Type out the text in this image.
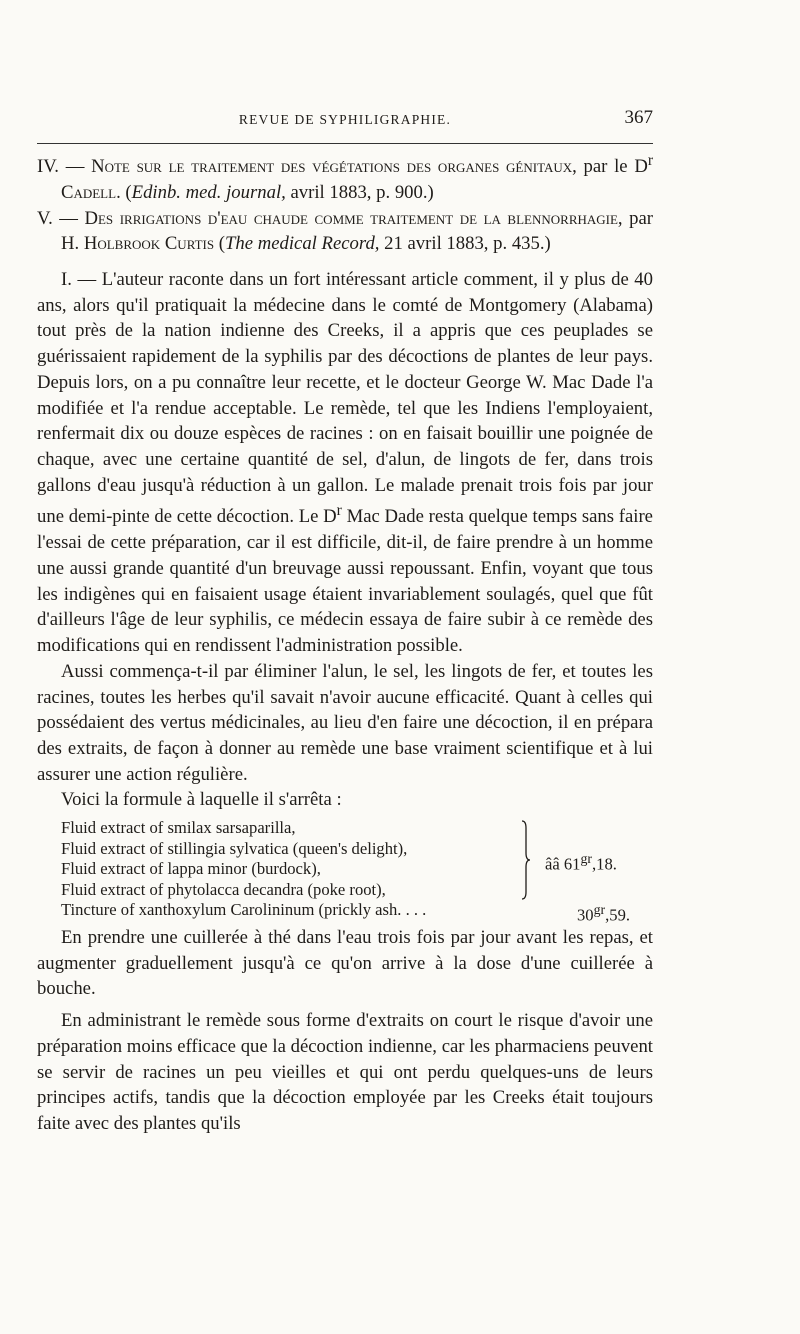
REVUE DE SYPHILIGRAPHIE.	367

IV. — Note sur le traitement des végétations des organes génitaux, par le $D^r$ Cadell. (Edinb. med. journal, avril 1883, p. 900.)

V. — Des irrigations d'eau chaude comme traitement de la blennorrhagie, par H. Holbrook Curtis (The medical Record, 21 avril 1883, p. 435.)

I. — L'auteur raconte dans un fort intéressant article comment, il y plus de 40 ans, alors qu'il pratiquait la médecine dans le comté de Montgomery (Alabama) tout près de la nation indienne des Creeks, il a appris que ces peuplades se guérissaient rapidement de la syphilis par des décoctions de plantes de leur pays. Depuis lors, on a pu connaître leur recette, et le docteur George W. Mac Dade l'a modifiée et l'a rendue acceptable. Le remède, tel que les Indiens l'employaient, renfermait dix ou douze espèces de racines : on en faisait bouillir une poignée de chaque, avec une certaine quantité de sel, d'alun, de lingots de fer, dans trois gallons d'eau jusqu'à réduction à un gallon. Le malade prenait trois fois par jour une demi-pinte de cette décoction. Le $D^r$ Mac Dade resta quelque temps sans faire l'essai de cette préparation, car il est difficile, dit-il, de faire prendre à un homme une aussi grande quantité d'un breuvage aussi repoussant. Enfin, voyant que tous les indigènes qui en faisaient usage étaient invariablement soulagés, quel que fût d'ailleurs l'âge de leur syphilis, ce médecin essaya de faire subir à ce remède des modifications qui en rendissent l'administration possible.

Aussi commença-t-il par éliminer l'alun, le sel, les lingots de fer, et toutes les racines, toutes les herbes qu'il savait n'avoir aucune efficacité. Quant à celles qui possédaient des vertus médicinales, au lieu d'en faire une décoction, il en prépara des extraits, de façon à donner au remède une base vraiment scientifique et à lui assurer une action régulière.

Voici la formule à laquelle il s'arrêta :

Fluid extract of smilax sarsaparilla,
Fluid extract of stillingia sylvatica (queen's delight),
Fluid extract of lappa minor (burdock),
Fluid extract of phytolacca decandra (poke root),
Tincture of xanthoxylum Carolininum (prickly ash. . . .
ââ $61^{gr},18$.
$30^{gr},59$.

En prendre une cuillerée à thé dans l'eau trois fois par jour avant les repas, et augmenter graduellement jusqu'à ce qu'on arrive à la dose d'une cuillerée à bouche.

En administrant le remède sous forme d'extraits on court le risque d'avoir une préparation moins efficace que la décoction indienne, car les pharmaciens peuvent se servir de racines un peu vieilles et qui ont perdu quelques-uns de leurs principes actifs, tandis que la décoction employée par les Creeks était toujours faite avec des plantes qu'ils
